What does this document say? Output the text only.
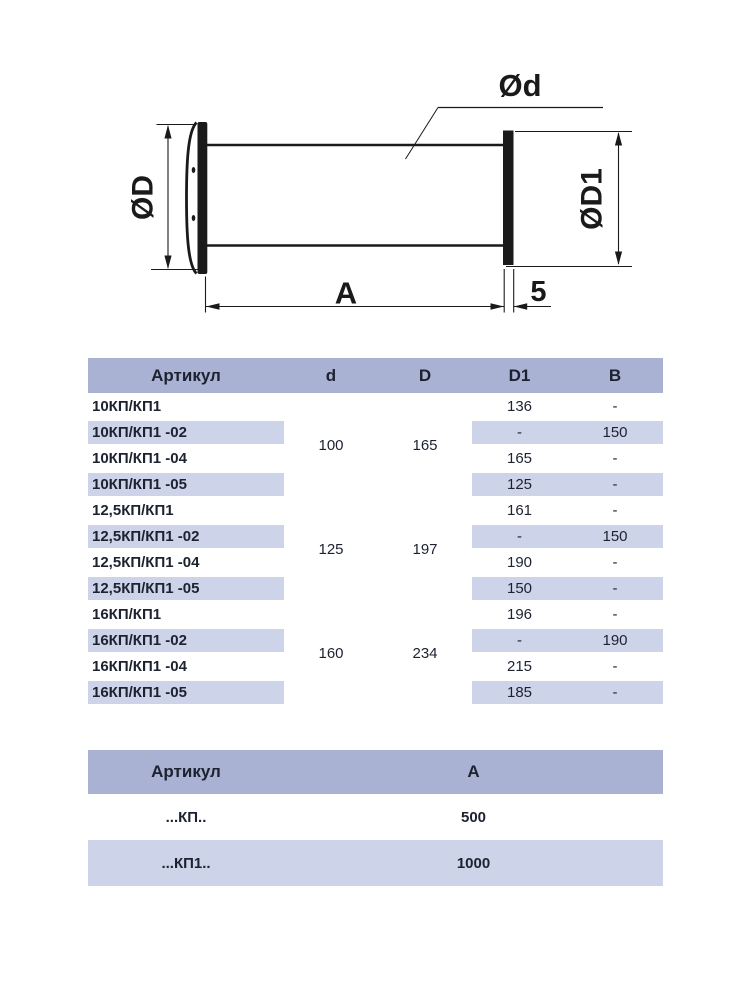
Ød
ØD	ØD1
A	5
Артикул	d	D	D1	B
10КП/КП1	100	165	136	-
10КП/КП1 -02			-	150
10КП/КП1 -04			165	-
10КП/КП1 -05			125	-
12,5КП/КП1	125	197	161	-
12,5КП/КП1 -02			-	150
12,5КП/КП1 -04			190	-
12,5КП/КП1 -05			150	-
16КП/КП1	160	234	196	-
16КП/КП1 -02			-	190
16КП/КП1 -04			215	-
16КП/КП1 -05			185	-
Артикул	А
...КП..	500
...КП1..	1000
